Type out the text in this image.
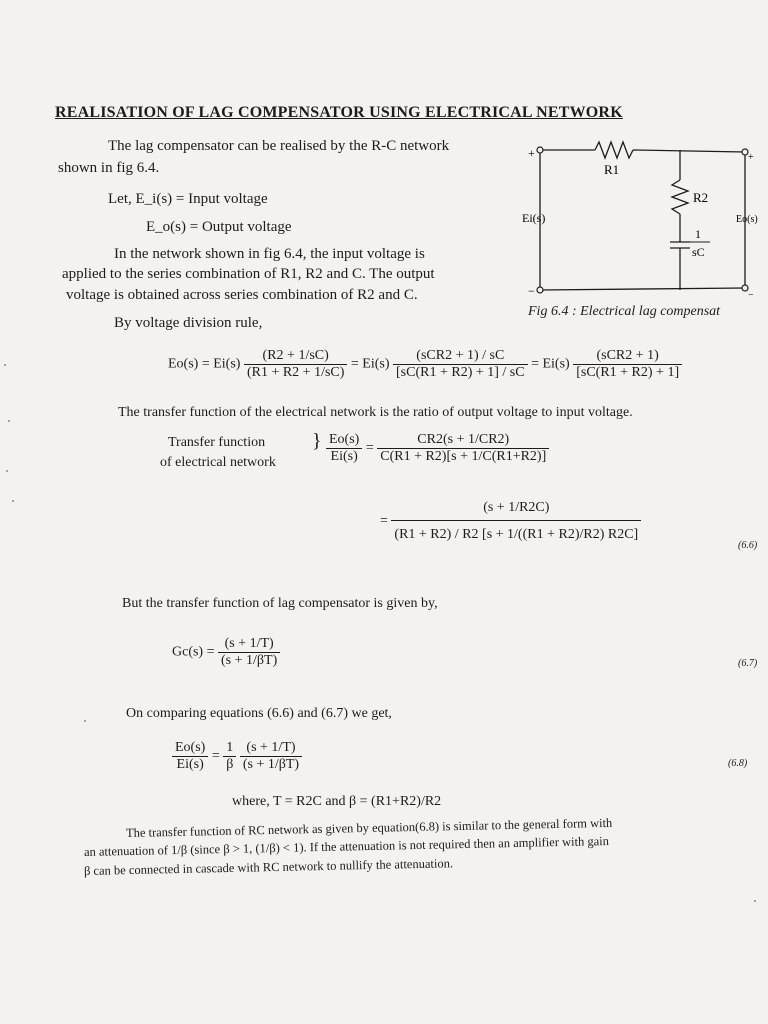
REALISATION OF LAG COMPENSATOR USING ELECTRICAL NETWORK
The lag compensator can be realised by the R-C network
shown in fig 6.4.
Let, E_i(s) = Input voltage
E_o(s) = Output voltage
In the network shown in fig 6.4, the input voltage is
applied to the series combination of R1, R2 and C. The output
voltage is obtained across series combination of R2 and C.
By voltage division rule,
+
−
+
−
R1
R2
1
sC
Ei(s)	Eo(s)
Fig 6.4 : Electrical lag compensat
$Eo(s) = Ei(s) \frac{(R2 + 1/sC)}{(R1 + R2 + 1/sC)} = Ei(s) \frac{\text{(sCR2 + 1) / sC}}{[sC(R1 + R2) + 1] / sC} = Ei(s) \frac{\text{(sCR2 + 1)}}{[sC(R1 + R2) + 1]}$
The transfer function of the electrical network is the ratio of output voltage to input voltage.
Transfer function
of electrical network
} $\frac{Eo(s)}{Ei(s)} = \frac{CR2(s + 1/CR2)}{C(R1 + R2)[s + 1/C(R1+R2)]}$
= $\frac{(s + 1/R2C)}{(R1 + R2) / R2 [s + 1/((R1 + R2)/R2) R2C]}$
(6.6)
But the transfer function of lag compensator is given by,
$Gc(s) = \frac{(s + 1/T)}{(s + 1/\beta T)}$	(6.7)
On comparing equations (6.6) and (6.7) we get,
$\frac{Eo(s)}{Ei(s)} = \frac{1}{\beta}$
$\frac{(s + 1/T)}{(s + 1/\beta T)}$	(6.8)
where, T = R2C and β = (R1+R2)/R2
The transfer function of RC network as given by equation(6.8) is similar to the general form with
an attenuation of 1/β (since β > 1, (1/β) < 1). If the attenuation is not required then an amplifier with gain
β can be connected in cascade with RC network to nullify the attenuation.
